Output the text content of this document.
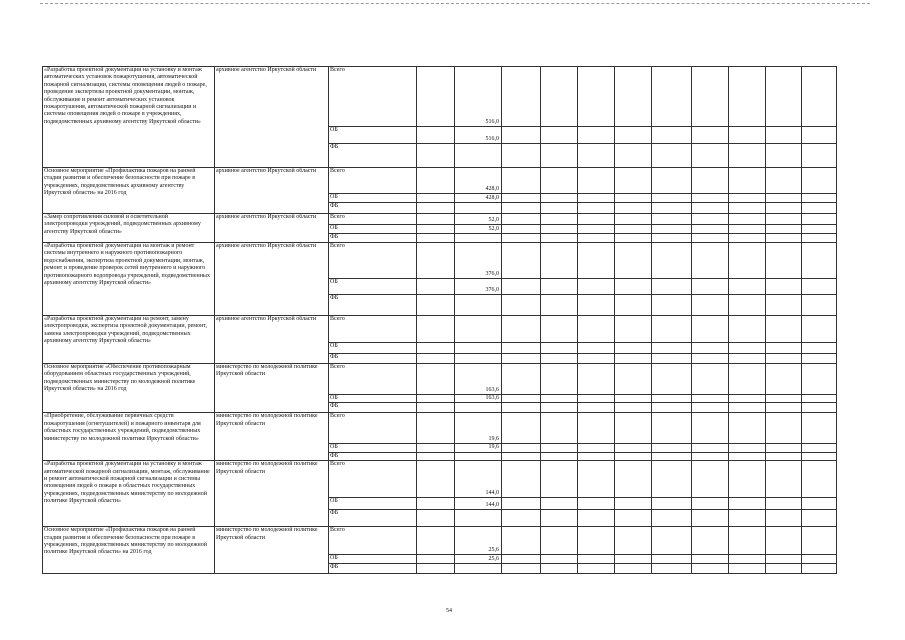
«Разработка проектной документации на установку и монтаж автоматических установок пожаротушения, автоматической пожарной сигнализации, системы оповещения людей о пожаре, проведение экспертизы проектной документации, монтаж, обслуживание и ремонт автоматических установок пожаротушения, автоматической пожарной сигнализации и системы оповещения людей о пожаре в учреждениях, подведомственных архивному агентству Иркутской области»	архивное агентство Иркутской области	Всего		516,0									
		ОБ		516,0									
		ФБ											
Основное мероприятие «Профилактика пожаров на ранней стадии развития и обеспечение безопасности при пожаре в учреждениях, подведомственных архивному агентству Иркутской области» на 2016 год	архивное агентство Иркутской области	Всего		428,0									
		ОБ		428,0									
		ФБ											
«Замер сопротивления силовой и осветительной электропроводки учреждений, подведомственных архивному агентству Иркутской области»	архивное агентство Иркутской области	Всего		52,0									
		ОБ		52,0									
		ФБ											
«Разработка проектной документации на монтаж и ремонт системы внутреннего и наружного противопожарного водоснабжения, экспертиза проектной документации, монтаж, ремонт и проведение проверок сетей внутреннего и наружного противопожарного водопровода учреждений, подведомственных архивному агентству Иркутской области»	архивное агентство Иркутской области	Всего		376,0									
		ОБ		376,0									
		ФБ											
«Разработка проектной документации на ремонт, замену электропроводки, экспертиза проектной документации, ремонт, замена электропроводки учреждений, подведомственных архивному агентству Иркутской области»	архивное агентство Иркутской области	Всего											
		ОБ											
		ФБ											
Основное мероприятие «Обеспечение противопожарным оборудованием областных государственных учреждений, подведомственных министерству по молодежной политике Иркутской области» на 2016 год	министерство по молодежной политике Иркутской области	Всего		163,6									
		ОБ		163,6									
		ФБ											
«Приобретение, обслуживание первичных средств пожаротушения (огнетушителей) и пожарного инвентаря для областных государственных учреждений, подведомственных министерству по молодежной политике Иркутской области»	министерство по молодежной политике Иркутской области	Всего		19,6									
		ОБ		19,6									
		ФБ											
«Разработка проектной документации на установку и монтаж автоматической пожарной сигнализации, монтаж, обслуживание и ремонт автоматической пожарной сигнализации и системы оповещения людей о пожаре в областных государственных учреждениях, подведомственных министерству по молодежной политике Иркутской области»	министерство по молодежной политике Иркутской области	Всего		144,0									
		ОБ		144,0									
		ФБ											
Основное мероприятие «Профилактика пожаров на ранней стадии развития и обеспечение безопасности при пожаре в учреждениях, подведомственных министерству по молодежной политике Иркутской области» на 2016 год	министерство по молодежной политике Иркутской области	Всего		25,6									
		ОБ		25,6									
		ФБ											
54
